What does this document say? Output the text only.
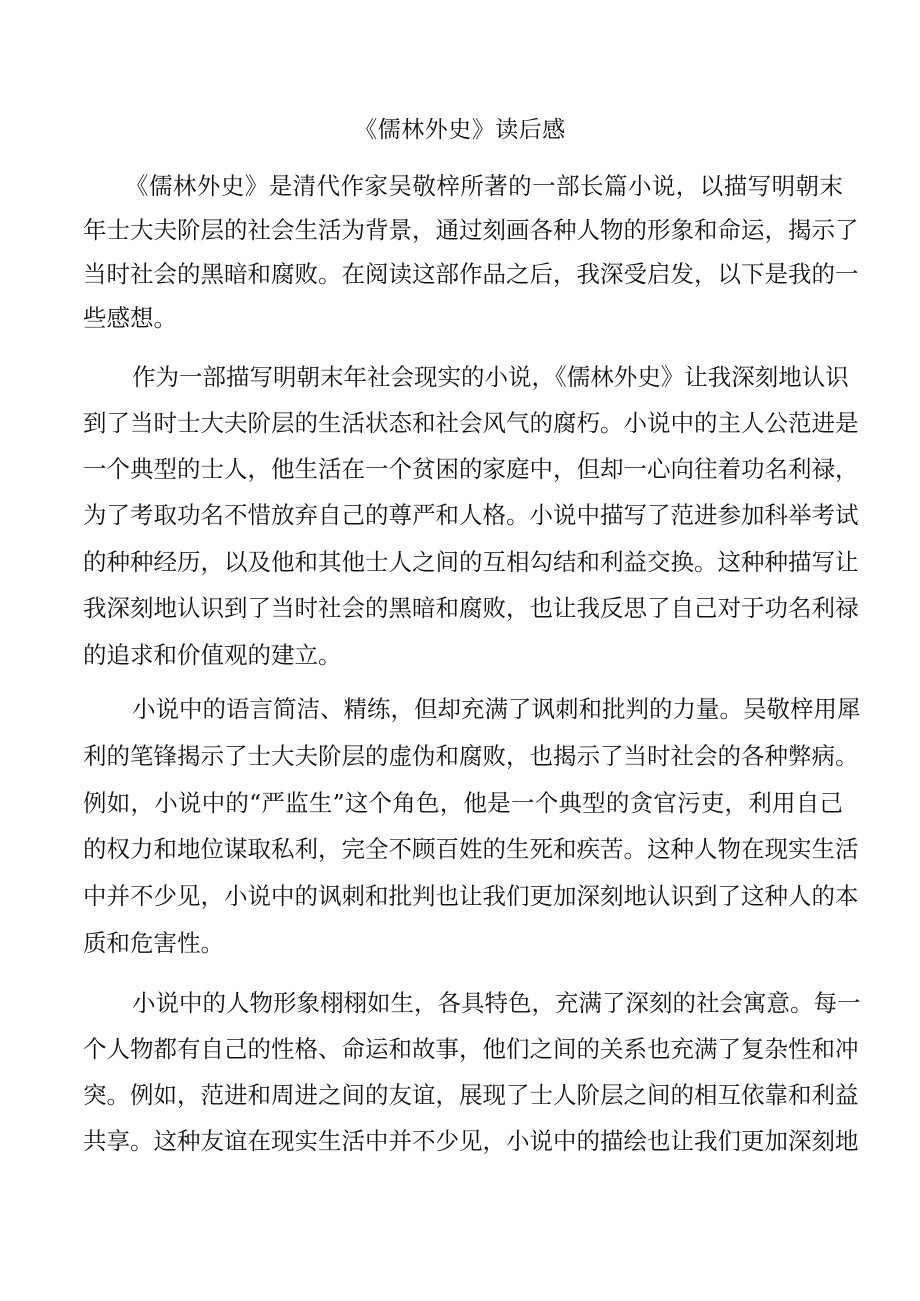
《儒林外史》读后感
《儒林外史》是清代作家吴敬梓所著的一部长篇小说，以描写明朝末
年士大夫阶层的社会生活为背景，通过刻画各种人物的形象和命运，揭示了
当时社会的黑暗和腐败。在阅读这部作品之后，我深受启发，以下是我的一
些感想。
作为一部描写明朝末年社会现实的小说，《儒林外史》让我深刻地认识
到了当时士大夫阶层的生活状态和社会风气的腐朽。小说中的主人公范进是
一个典型的士人，他生活在一个贫困的家庭中，但却一心向往着功名利禄，
为了考取功名不惜放弃自己的尊严和人格。小说中描写了范进参加科举考试
的种种经历，以及他和其他士人之间的互相勾结和利益交换。这种种描写让
我深刻地认识到了当时社会的黑暗和腐败，也让我反思了自己对于功名利禄
的追求和价值观的建立。
小说中的语言简洁、精练，但却充满了讽刺和批判的力量。吴敬梓用犀
利的笔锋揭示了士大夫阶层的虚伪和腐败，也揭示了当时社会的各种弊病。
例如，小说中的“严监生”这个角色，他是一个典型的贪官污吏，利用自己
的权力和地位谋取私利，完全不顾百姓的生死和疾苦。这种人物在现实生活
中并不少见，小说中的讽刺和批判也让我们更加深刻地认识到了这种人的本
质和危害性。
小说中的人物形象栩栩如生，各具特色，充满了深刻的社会寓意。每一
个人物都有自己的性格、命运和故事，他们之间的关系也充满了复杂性和冲
突。例如，范进和周进之间的友谊，展现了士人阶层之间的相互依靠和利益
共享。这种友谊在现实生活中并不少见，小说中的描绘也让我们更加深刻地
